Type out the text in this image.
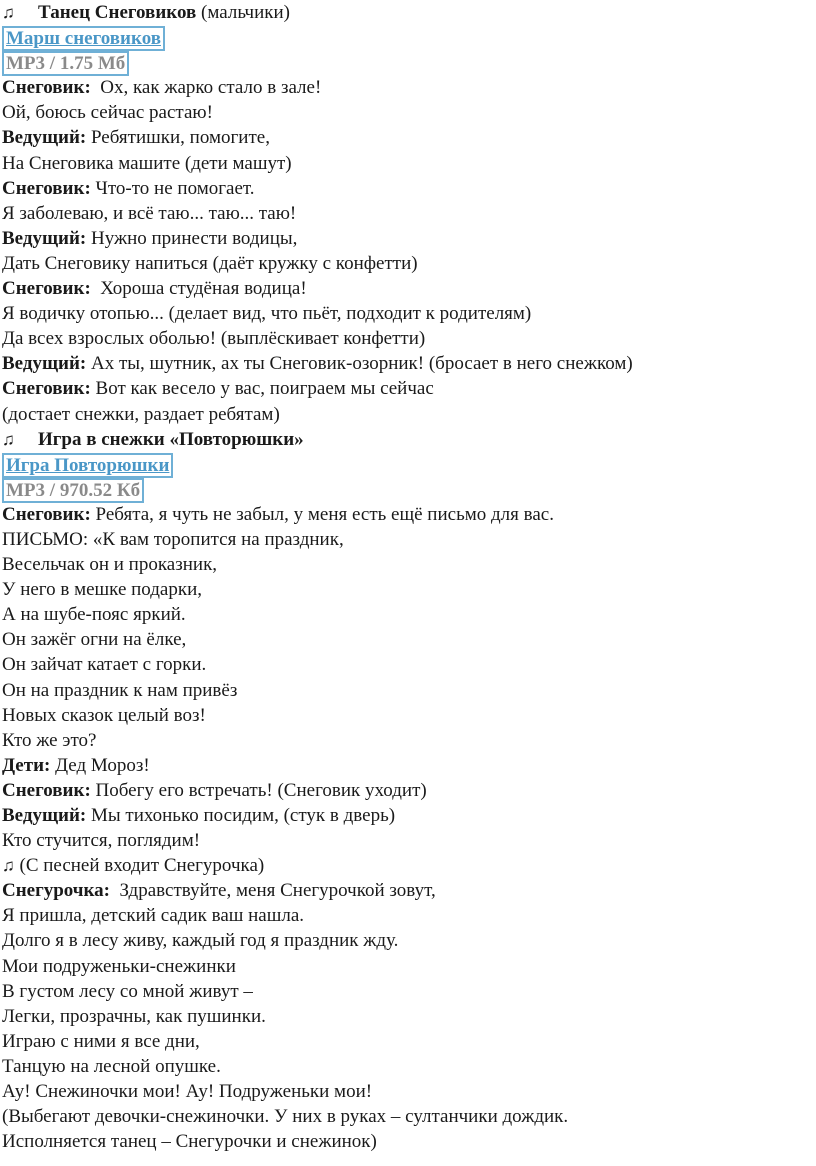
♫ Танец Снеговиков (мальчики)
Марш снеговиков
MP3 / 1.75 Мб
Снеговик:  Ох, как жарко стало в зале!
Ой, боюсь сейчас растаю!
Ведущий: Ребятишки, помогите,
На Снеговика машите (дети машут)
Снеговик: Что-то не помогает.
Я заболеваю, и всё таю... таю... таю!
Ведущий: Нужно принести водицы,
Дать Снеговику напиться (даёт кружку с конфетти)
Снеговик:  Хороша студёная водица!
Я водичку отопью... (делает вид, что пьёт, подходит к родителям)
Да всех взрослых оболью! (выплёскивает конфетти)
Ведущий: Ах ты, шутник, ах ты Снеговик-озорник! (бросает в него снежком)
Снеговик: Вот как весело у вас, поиграем мы сейчас
(достает снежки, раздает ребятам)
♫ Игра в снежки «Повторюшки»
Игра Повторюшки
MP3 / 970.52 Кб
Снеговик: Ребята, я чуть не забыл, у меня есть ещё письмо для вас.
ПИСЬМО: «К вам торопится на праздник,
Весельчак он и проказник,
У него в мешке подарки,
А на шубе-пояс яркий.
Он зажёг огни на ёлке,
Он зайчат катает с горки.
Он на праздник к нам привёз
Новых сказок целый воз!
Кто же это?
Дети: Дед Мороз!
Снеговик: Побегу его встречать! (Снеговик уходит)
Ведущий: Мы тихонько посидим, (стук в дверь)
Кто стучится, поглядим!
♫ (С песней входит Снегурочка)
Снегурочка:  Здравствуйте, меня Снегурочкой зовут,
Я пришла, детский садик ваш нашла.
Долго я в лесу живу, каждый год я праздник жду.
Мои подруженьки-снежинки
В густом лесу со мной живут –
Легки, прозрачны, как пушинки.
Играю с ними я все дни,
Танцую на лесной опушке.
Ау! Снежиночки мои! Ау! Подруженьки мои!
(Выбегают девочки-снежиночки. У них в руках – султанчики дождик.
Исполняется танец – Снегурочки и снежинок)
